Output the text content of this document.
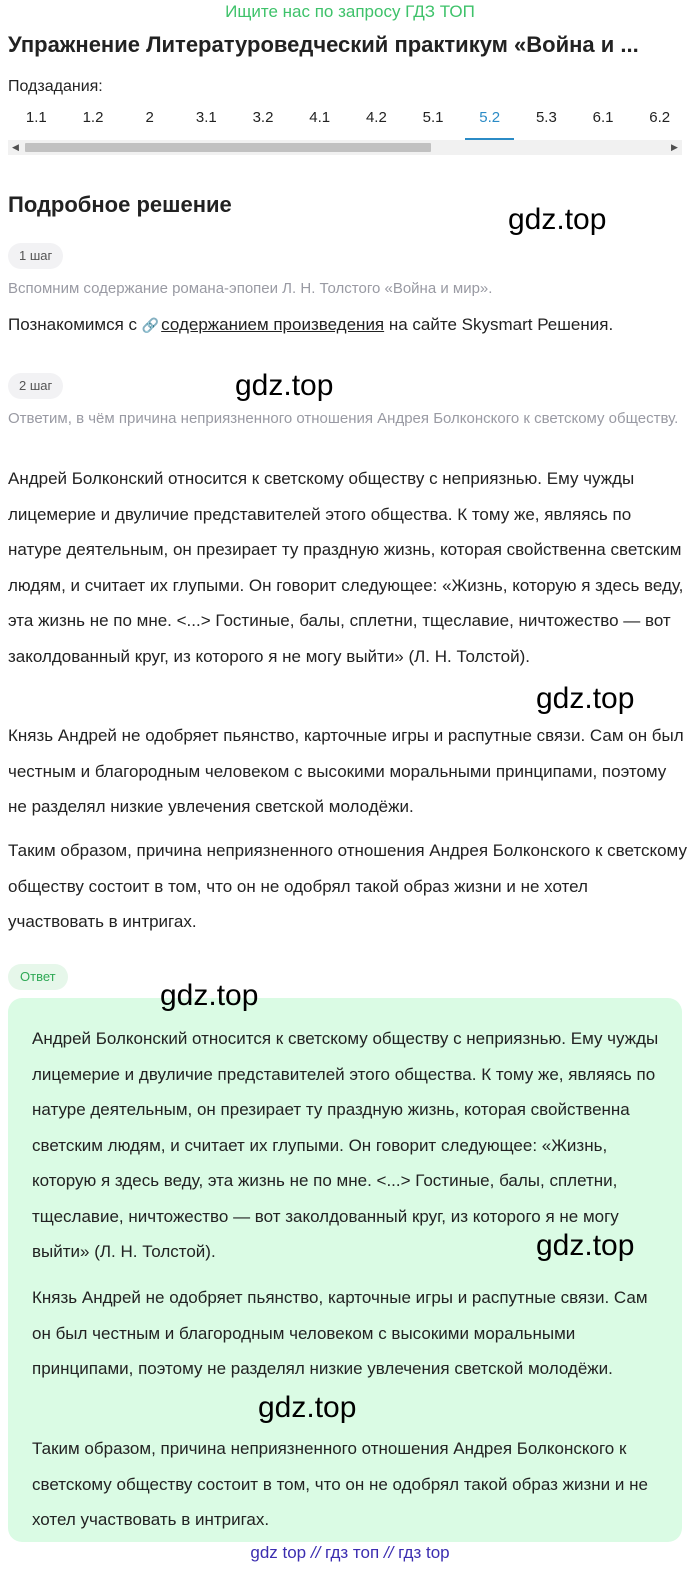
Ищите нас по запросу ГДЗ ТОП
Упражнение Литературоведческий практикум «Война и ...
Подзадания:
1.1	1.2	2	3.1	3.2	4.1	4.2	5.1	5.2	5.3	6.1	6.2
◀	▶
Подробное решение	gdz.top
1 шаг
Вспомним содержание романа-эпопеи Л. Н. Толстого «Война и мир».
Познакомимся с 🔗 содержанием произведения на сайте Skysmart Решения.
2 шаг	gdz.top
Ответим, в чём причина неприязненного отношения Андрея Болконского к светскому обществу.
Андрей Болконский относится к светскому обществу с неприязнью. Ему чужды лицемерие и двуличие представителей этого общества. К тому же, являясь по натуре деятельным, он презирает ту праздную жизнь, которая свойственна светским людям, и считает их глупыми. Он говорит следующее: «Жизнь, которую я здесь веду, эта жизнь не по мне. <...> Гостиные, балы, сплетни, тщеславие, ничтожество — вот заколдованный круг, из которого я не могу выйти» (Л. Н. Толстой).
gdz.top
Князь Андрей не одобряет пьянство, карточные игры и распутные связи. Сам он был честным и благородным человеком с высокими моральными принципами, поэтому не разделял низкие увлечения светской молодёжи.
Таким образом, причина неприязненного отношения Андрея Болконского к светскому обществу состоит в том, что он не одобрял такой образ жизни и не хотел участвовать в интригах.
Ответ
gdz.top
Андрей Болконский относится к светскому обществу с неприязнью. Ему чужды лицемерие и двуличие представителей этого общества. К тому же, являясь по натуре деятельным, он презирает ту праздную жизнь, которая свойственна светским людям, и считает их глупыми. Он говорит следующее: «Жизнь, которую я здесь веду, эта жизнь не по мне. <...> Гостиные, балы, сплетни, тщеславие, ничтожество — вот заколдованный круг, из которого я не могу выйти» (Л. Н. Толстой).	gdz.top
Князь Андрей не одобряет пьянство, карточные игры и распутные связи. Сам он был честным и благородным человеком с высокими моральными принципами, поэтому не разделял низкие увлечения светской молодёжи.
gdz.top
Таким образом, причина неприязненного отношения Андрея Болконского к светскому обществу состоит в том, что он не одобрял такой образ жизни и не хотел участвовать в интригах.
gdz top // гдз топ // гдз top
